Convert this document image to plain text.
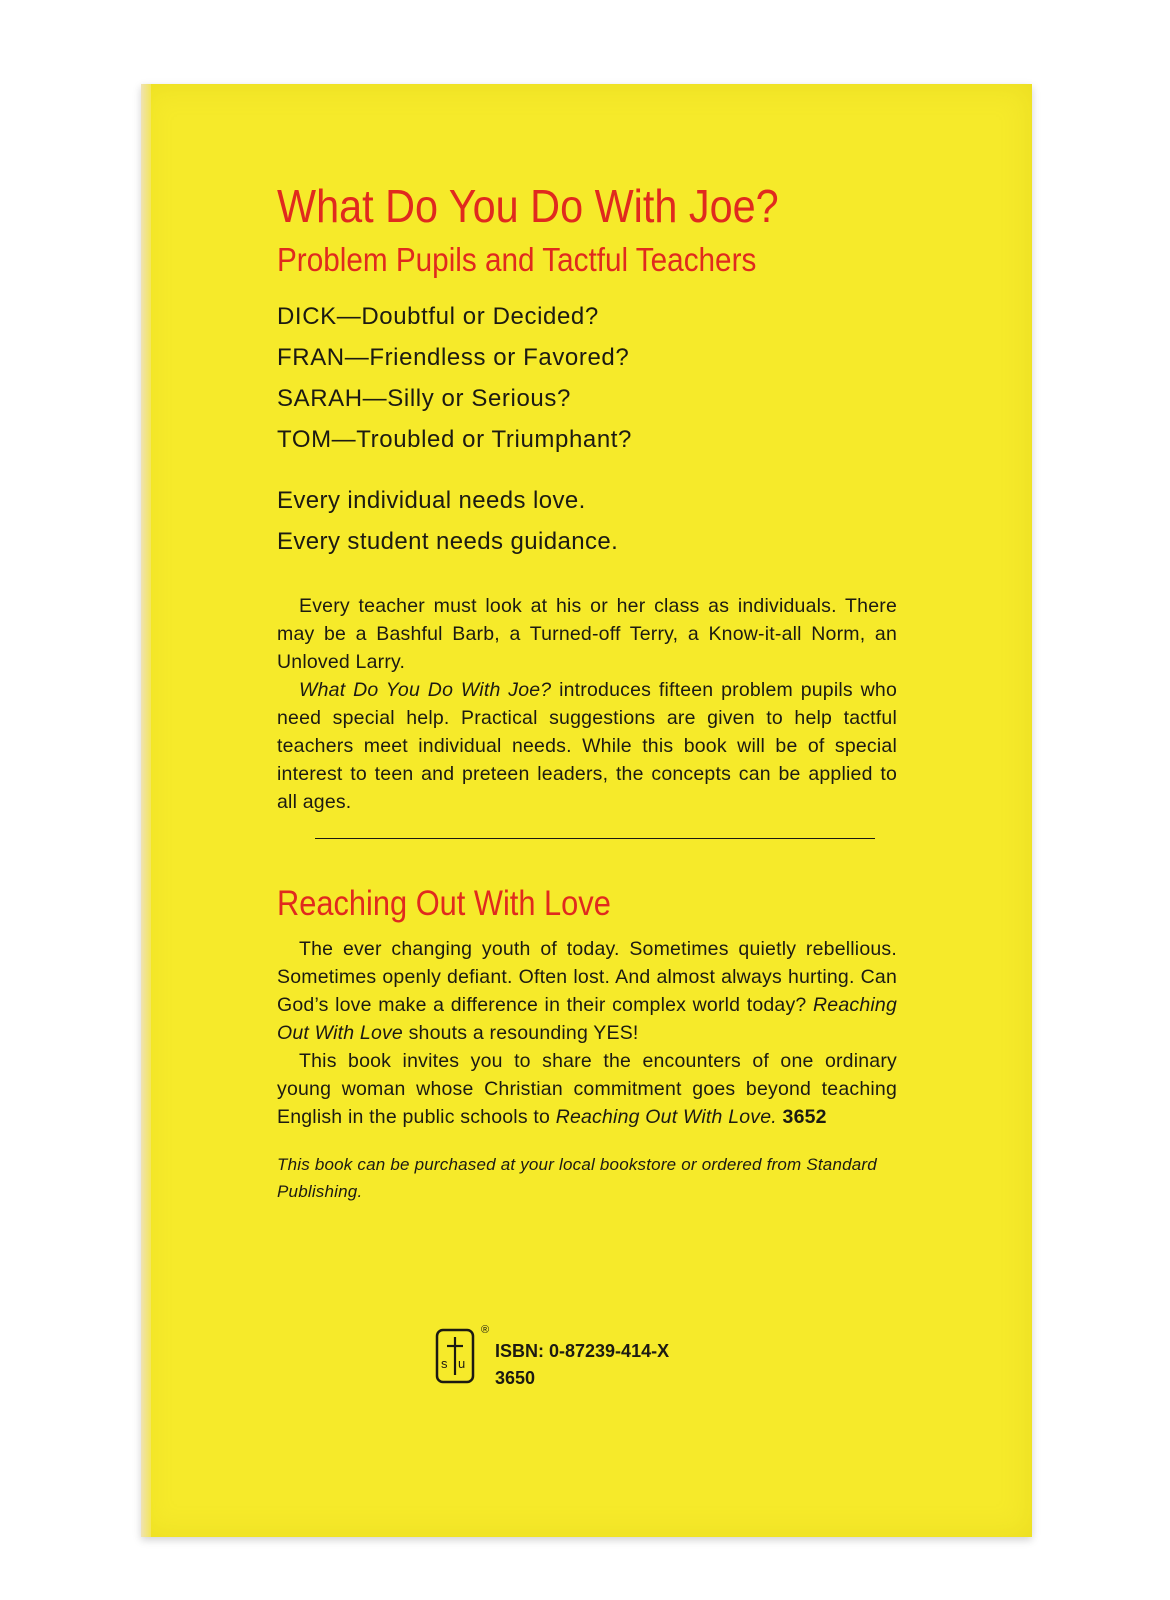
What Do You Do With Joe?
Problem Pupils and Tactful Teachers
DICK—Doubtful or Decided?
FRAN—Friendless or Favored?
SARAH—Silly or Serious?
TOM—Troubled or Triumphant?
Every individual needs love.
Every student needs guidance.

Every teacher must look at his or her class as individuals. There may be a Bashful Barb, a Turned-off Terry, a Know-it-all Norm, an Unloved Larry.

What Do You Do With Joe? introduces fifteen problem pupils who need special help. Practical suggestions are given to help tactful teachers meet individual needs. While this book will be of special interest to teen and preteen leaders, the concepts can be applied to all ages.

Reaching Out With Love

The ever changing youth of today. Sometimes quietly rebellious. Sometimes openly defiant. Often lost. And almost always hurting. Can God’s love make a difference in their complex world today? Reaching Out With Love shouts a resounding YES!

This book invites you to share the encounters of one ordinary young woman whose Christian commitment goes beyond teaching English in the public schools to Reaching Out With Love. 3652

This book can be purchased at your local bookstore or ordered from Standard Publishing.
s u
®
ISBN: 0-87239-414-X
3650
